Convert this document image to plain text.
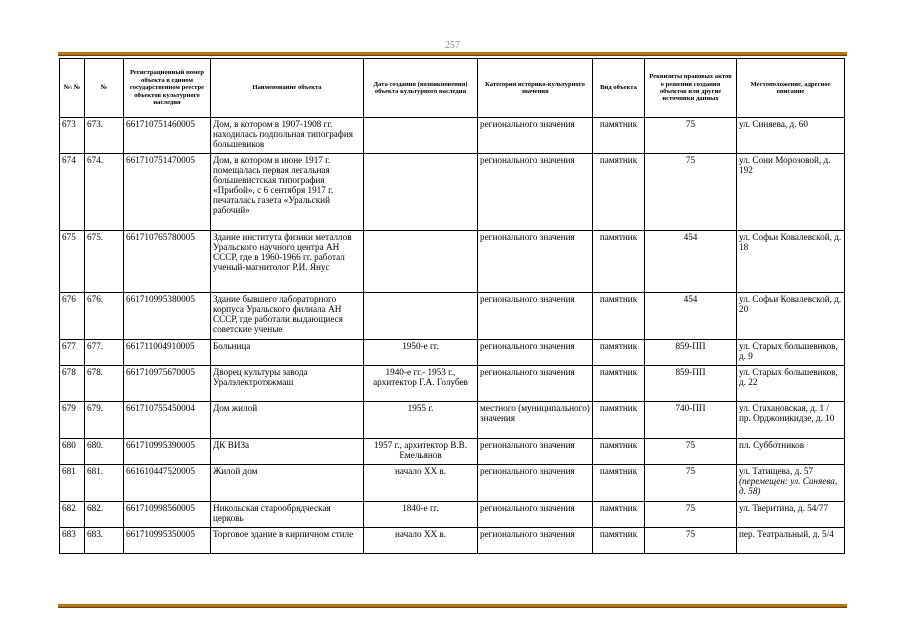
257
№\ №	№	Регистрационный номер объекта в едином государственном реестре объектов культурного наследия	Наименование объекта	Дата создания (возникновения) объекта культурного наследия	Категория историко-культурного значения	Вид объекта	Реквизиты правовых актов о решении создания объектов или другие источники данных	Местоположение, адресное описание
673	673.	661710751460005	Дом, в котором в 1907-1908 гг. находилась подпольная типография большевиков		регионального значения	памятник	75	ул. Синяева, д. 60
674	674.	661710751470005	Дом, в котором в июне 1917 г. помещалась первая легальная большевистская типография «Прибой», с 6 сентября 1917 г. печаталась газета «Уральский рабочий»		регионального значения	памятник	75	ул. Сони Морозовой, д. 192
675	675.	661710765780005	Здание института физики металлов Уральского научного центра АН СССР, где в 1960-1966 гг. работал ученый-магнитолог Р.И. Янус		регионального значения	памятник	454	ул. Софьи Ковалевской, д. 18
676	676.	661710995380005	Здание бывшего лабораторного корпуса Уральского филиала АН СССР, где работали выдающиеся советские ученые		регионального значения	памятник	454	ул. Софьи Ковалевской, д. 20
677	677.	661711004910005	Больница	1950-е гг.	регионального значения	памятник	859-ПП	ул. Старых большевиков, д. 9
678	678.	661710975670005	Дворец культуры завода Уралэлектротяжмаш	1940-е гг.- 1953 г., архитектор Г.А. Голубев	регионального значения	памятник	859-ПП	ул. Старых большевиков, д. 22
679	679.	661710755450004	Дом жилой	1955 г.	местного (муниципального) значения	памятник	740-ПП	ул. Стахановская, д. 1 / пр. Орджоникидзе, д. 10
680	680.	661710995390005	ДК ВИЗа	1957 г., архитектор В.В. Емельянов	регионального значения	памятник	75	пл. Субботников
681	681.	661610447520005	Жилой дом	начало XX в.	регионального значения	памятник	75	ул. Татищева, д. 57 (перемещен: ул. Синяева, д. 58)
682	682.	661710998560005	Никольская старообрядческая церковь	1840-е гг.	регионального значения	памятник	75	ул. Тверитина, д. 54/77
683	683.	661710995350005	Торговое здание в кирпичном стиле	начало XX в.	регионального значения	памятник	75	пер. Театральный, д. 5/4
